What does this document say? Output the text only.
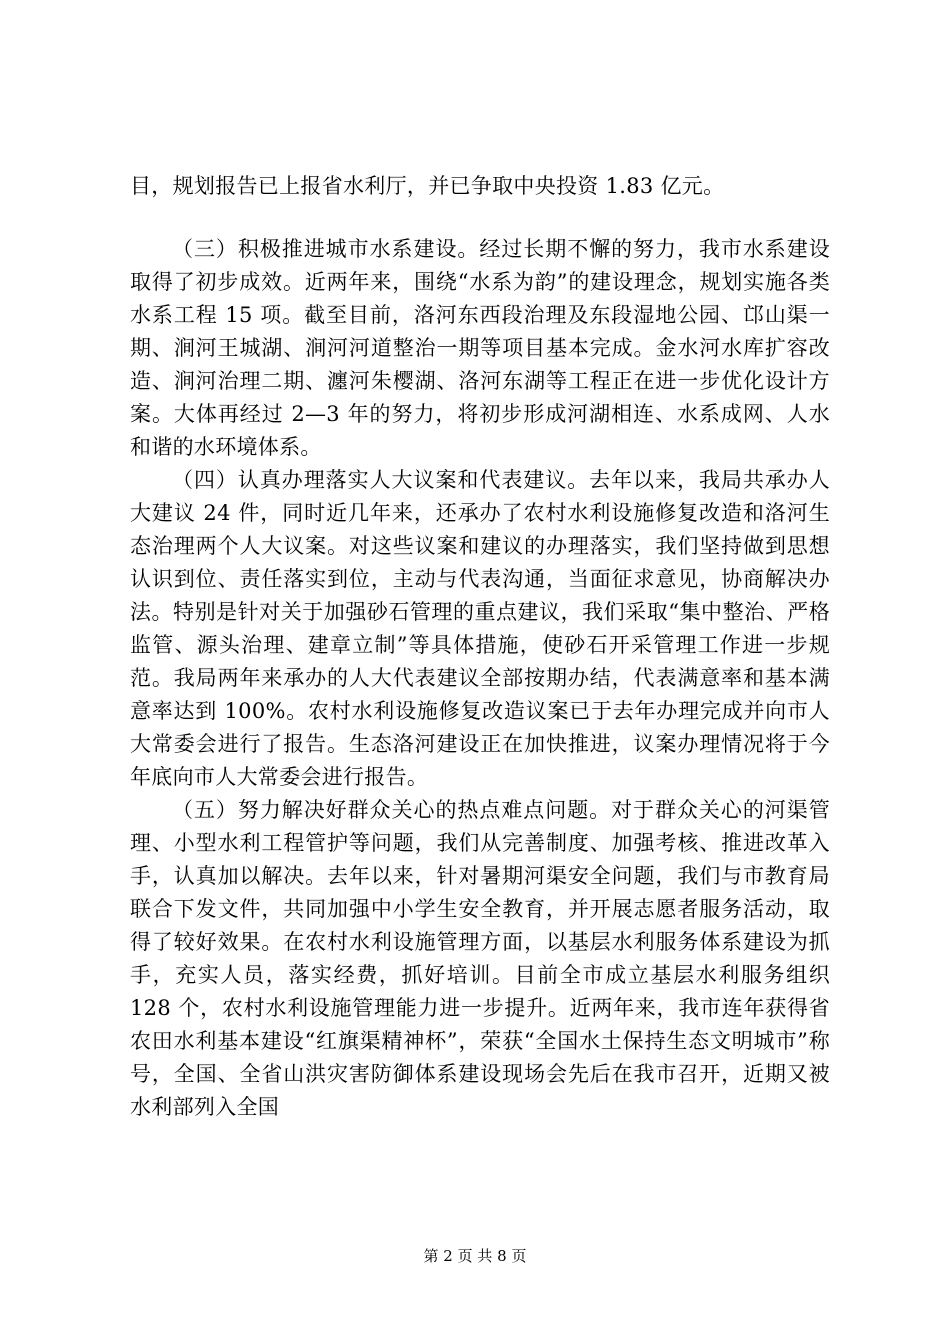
目，规划报告已上报省水利厅，并已争取中央投资 1.83 亿元。

（三）积极推进城市水系建设。经过长期不懈的努力，我市水系建设取得了初步成效。近两年来，围绕“水系为韵”的建设理念，规划实施各类水系工程 15 项。截至目前，洛河东西段治理及东段湿地公园、邙山渠一期、涧河王城湖、涧河河道整治一期等项目基本完成。金水河水库扩容改造、涧河治理二期、瀍河朱樱湖、洛河东湖等工程正在进一步优化设计方案。大体再经过 2—3 年的努力，将初步形成河湖相连、水系成网、人水和谐的水环境体系。

（四）认真办理落实人大议案和代表建议。去年以来，我局共承办人大建议 24 件，同时近几年来，还承办了农村水利设施修复改造和洛河生态治理两个人大议案。对这些议案和建议的办理落实，我们坚持做到思想认识到位、责任落实到位，主动与代表沟通，当面征求意见，协商解决办法。特别是针对关于加强砂石管理的重点建议，我们采取“集中整治、严格监管、源头治理、建章立制”等具体措施，使砂石开采管理工作进一步规范。我局两年来承办的人大代表建议全部按期办结，代表满意率和基本满意率达到 100%。农村水利设施修复改造议案已于去年办理完成并向市人大常委会进行了报告。生态洛河建设正在加快推进，议案办理情况将于今年底向市人大常委会进行报告。

（五）努力解决好群众关心的热点难点问题。对于群众关心的河渠管理、小型水利工程管护等问题，我们从完善制度、加强考核、推进改革入手，认真加以解决。去年以来，针对暑期河渠安全问题，我们与市教育局联合下发文件，共同加强中小学生安全教育，并开展志愿者服务活动，取得了较好效果。在农村水利设施管理方面，以基层水利服务体系建设为抓手，充实人员，落实经费，抓好培训。目前全市成立基层水利服务组织 128 个，农村水利设施管理能力进一步提升。近两年来，我市连年获得省农田水利基本建设“红旗渠精神杯”，荣获“全国水土保持生态文明城市”称号，全国、全省山洪灾害防御体系建设现场会先后在我市召开，近期又被水利部列入全国

第 2 页 共 8 页
